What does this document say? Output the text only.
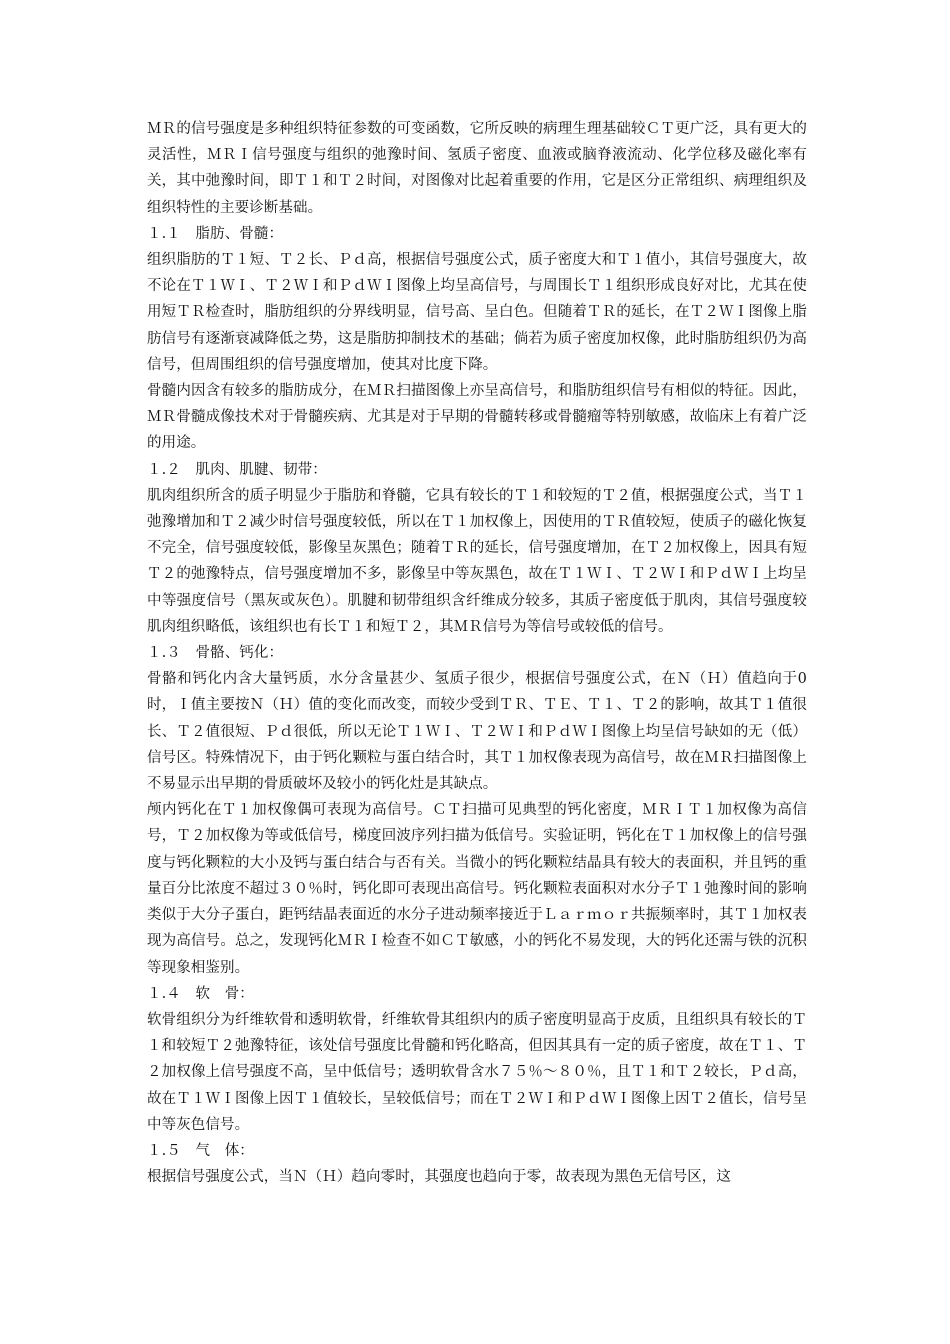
ＭＲ的信号强度是多种组织特征参数的可变函数，它所反映的病理生理基础较ＣＴ更广泛，具有更大的灵活性，ＭＲＩ信号强度与组织的弛豫时间、氢质子密度、血液或脑脊液流动、化学位移及磁化率有关，其中弛豫时间，即Ｔ１和Ｔ２时间，对图像对比起着重要的作用，它是区分正常组织、病理组织及组织特性的主要诊断基础。

１.１　脂肪、骨髓：

组织脂肪的Ｔ１短、Ｔ２长、Ｐｄ高，根据信号强度公式，质子密度大和Ｔ１值小，其信号强度大，故不论在Ｔ１ＷＩ、Ｔ２ＷＩ和ＰｄＷＩ图像上均呈高信号，与周围长Ｔ１组织形成良好对比，尤其在使用短ＴＲ检查时，脂肪组织的分界线明显，信号高、呈白色。但随着ＴＲ的延长，在Ｔ２ＷＩ图像上脂肪信号有逐渐衰减降低之势，这是脂肪抑制技术的基础；倘若为质子密度加权像，此时脂肪组织仍为高信号，但周围组织的信号强度增加，使其对比度下降。

骨髓内因含有较多的脂肪成分，在ＭＲ扫描图像上亦呈高信号，和脂肪组织信号有相似的特征。因此，ＭＲ骨髓成像技术对于骨髓疾病、尤其是对于早期的骨髓转移或骨髓瘤等特别敏感，故临床上有着广泛的用途。

１.２　肌肉、肌腱、韧带：

肌肉组织所含的质子明显少于脂肪和脊髓，它具有较长的Ｔ１和较短的Ｔ２值，根据强度公式，当Ｔ１弛豫增加和Ｔ２减少时信号强度较低，所以在Ｔ１加权像上，因使用的ＴＲ值较短，使质子的磁化恢复不完全，信号强度较低，影像呈灰黑色；随着ＴＲ的延长，信号强度增加，在Ｔ２加权像上，因具有短Ｔ２的弛豫特点，信号强度增加不多，影像呈中等灰黑色，故在Ｔ１ＷＩ、Ｔ２ＷＩ和ＰｄＷＩ上均呈中等强度信号（黑灰或灰色）。肌腱和韧带组织含纤维成分较多，其质子密度低于肌肉，其信号强度较肌肉组织略低，该组织也有长Ｔ１和短Ｔ２，其ＭＲ信号为等信号或较低的信号。

１.３　骨骼、钙化：

骨骼和钙化内含大量钙质，水分含量甚少、氢质子很少，根据信号强度公式，在Ｎ（Ｈ）值趋向于0时，Ｉ值主要按Ｎ（Ｈ）值的变化而改变，而较少受到ＴＲ、ＴＥ、Ｔ１、Ｔ２的影响，故其Ｔ１值很长、Ｔ２值很短、Ｐｄ很低，所以无论Ｔ１ＷＩ、Ｔ２ＷＩ和ＰｄＷＩ图像上均呈信号缺如的无（低）信号区。特殊情况下，由于钙化颗粒与蛋白结合时，其Ｔ１加权像表现为高信号，故在ＭＲ扫描图像上不易显示出早期的骨质破坏及较小的钙化灶是其缺点。

颅内钙化在Ｔ１加权像偶可表现为高信号。ＣＴ扫描可见典型的钙化密度，ＭＲＩＴ１加权像为高信号，Ｔ２加权像为等或低信号，梯度回波序列扫描为低信号。实验证明，钙化在Ｔ１加权像上的信号强度与钙化颗粒的大小及钙与蛋白结合与否有关。当微小的钙化颗粒结晶具有较大的表面积，并且钙的重量百分比浓度不超过３０％时，钙化即可表现出高信号。钙化颗粒表面积对水分子Ｔ１弛豫时间的影响类似于大分子蛋白，距钙结晶表面近的水分子进动频率接近于Ｌａｒｍｏｒ共振频率时，其Ｔ１加权表现为高信号。总之，发现钙化ＭＲＩ检查不如ＣＴ敏感，小的钙化不易发现，大的钙化还需与铁的沉积等现象相鉴别。

１.４　软　骨：

软骨组织分为纤维软骨和透明软骨，纤维软骨其组织内的质子密度明显高于皮质，且组织具有较长的Ｔ１和较短Ｔ２弛豫特征，该处信号强度比骨髓和钙化略高，但因其具有一定的质子密度，故在Ｔ１、Ｔ２加权像上信号强度不高，呈中低信号；透明软骨含水７５％～８０％，且Ｔ１和Ｔ２较长，Ｐｄ高，故在Ｔ１ＷＩ图像上因Ｔ１值较长，呈较低信号；而在Ｔ２ＷＩ和ＰｄＷＩ图像上因Ｔ２值长，信号呈中等灰色信号。

１.５　气　体：

根据信号强度公式，当Ｎ（Ｈ）趋向零时，其强度也趋向于零，故表现为黑色无信号区，这
